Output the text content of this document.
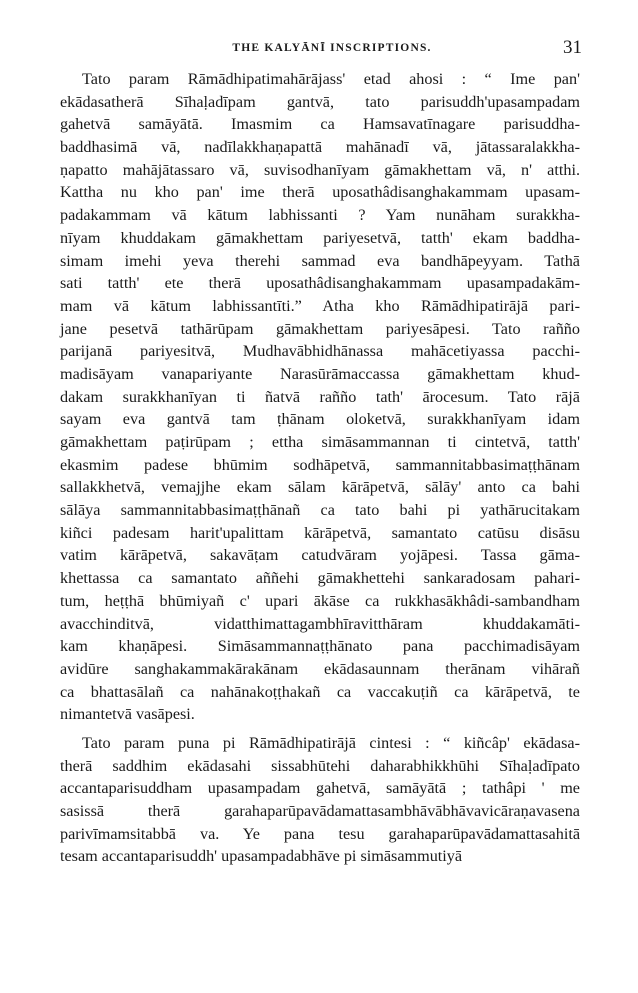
THE KALYĀNĪ INSCRIPTIONS.	31
Tato param Rāmādhipatimahārājass' etad ahosi : “ Ime pan'
ekādasatherā Sīhaḷadīpam gantvā, tato parisuddh'upasampadam
gahetvā samāyātā. Imasmim ca Hamsavatīnagare parisuddha-
baddhasimā vā, nadīlakkhaṇapattā mahānadī vā, jātassaralakkha-
ṇapatto mahājātassaro vā, suvisodhanīyam gāmakhettam vā, n' atthi.
Kattha nu kho pan' ime therā uposathâdisanghakammam upasam-
padakammam vā kātum labhissanti ? Yam nunāham surakkha-
nīyam khuddakam gāmakhettam pariyesetvā, tatth' ekam baddha-
simam imehi yeva therehi sammad eva bandhāpeyyam. Tathā
sati tatth' ete therā uposathâdisanghakammam upasampadakām-
mam vā kātum labhissantīti.” Atha kho Rāmādhipatirājā pari-
jane pesetvā tathārūpam gāmakhettam pariyesāpesi. Tato rañño
parijanā pariyesitvā, Mudhavābhidhānassa mahācetiyassa pacchi-
madisāyam vanapariyante Narasūrāmaccassa gāmakhettam khud-
dakam surakkhanīyan ti ñatvā rañño tath' ārocesum. Tato rājā
sayam eva gantvā tam ṭhānam oloketvā, surakkhanīyam idam
gāmakhettam paṭirūpam ; ettha simāsammannan ti cintetvā, tatth'
ekasmim padese bhūmim sodhāpetvā, sammannitabbasimaṭṭhānam
sallakkhetvā, vemajjhe ekam sālam kārāpetvā, sālāy' anto ca bahi
sālāya sammannitabbasimaṭṭhānañ ca tato bahi pi yathārucitakam
kiñci padesam harit'upalittam kārāpetvā, samantato catūsu disāsu
vatim kārāpetvā, sakavāṭam catudvāram yojāpesi. Tassa gāma-
khettassa ca samantato aññehi gāmakhettehi sankaradosam pahari-
tum, heṭṭhā bhūmiyañ c' upari ākāse ca rukkhasākhâdi-sambandham
avacchinditvā, vidatthimattagambhīravitthāram khuddakamāti-
kam khaṇāpesi. Simāsammannaṭṭhānato pana pacchimadisāyam
avidūre sanghakammakārakānam ekādasaunnam therānam vihārañ
ca bhattasālañ ca nahānakoṭṭhakañ ca vaccakuṭiñ ca kārāpetvā, te
nimantetvā vasāpesi.
Tato param puna pi Rāmādhipatirājā cintesi : “ kiñcâp' ekādasa-
therā saddhim ekādasahi sissabhūtehi daharabhikkhūhi Sīhaḷadīpato
accantaparisuddham upasampadam gahetvā, samāyātā ; tathâpi ' me
sasissā therā garahaparūpavādamattasambhāvābhāvavicāraṇavasena
parivīmamsitabbā va. Ye pana tesu garahaparūpavādamattasahitā
tesam accantaparisuddh' upasampadabhāve pi simāsammutiyā
